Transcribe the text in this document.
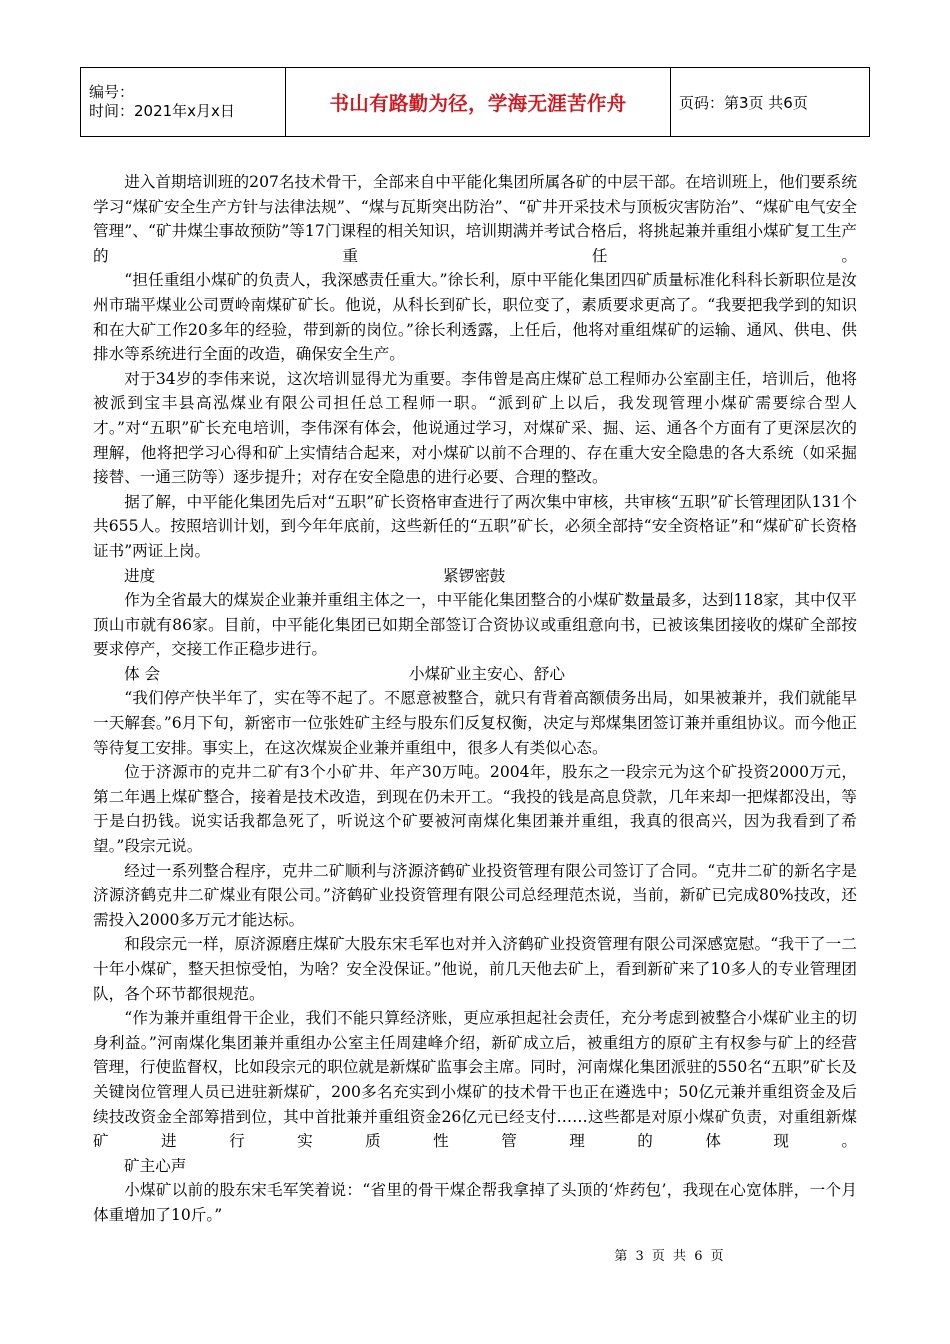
编号：
时间：2021年x月x日	书山有路勤为径，学海无涯苦作舟	页码：第3页 共6页

进入首期培训班的207名技术骨干，全部来自中平能化集团所属各矿的中层干部。在培训班上，他们要系统学习“煤矿安全生产方针与法律法规”、“煤与瓦斯突出防治”、“矿井开采技术与顶板灾害防治”、“煤矿电气安全管理”、“矿井煤尘事故预防”等17门课程的相关知识，培训期满并考试合格后，将挑起兼并重组小煤矿复工生产的重任。

“担任重组小煤矿的负责人，我深感责任重大。”徐长利，原中平能化集团四矿质量标准化科科长新职位是汝州市瑞平煤业公司贾岭南煤矿矿长。他说，从科长到矿长，职位变了，素质要求更高了。“我要把我学到的知识和在大矿工作20多年的经验，带到新的岗位。”徐长利透露，上任后，他将对重组煤矿的运输、通风、供电、供排水等系统进行全面的改造，确保安全生产。

对于34岁的李伟来说，这次培训显得尤为重要。李伟曾是高庄煤矿总工程师办公室副主任，培训后，他将被派到宝丰县高泓煤业有限公司担任总工程师一职。“派到矿上以后，我发现管理小煤矿需要综合型人才。”对“五职”矿长充电培训，李伟深有体会，他说通过学习，对煤矿采、掘、运、通各个方面有了更深层次的理解，他将把学习心得和矿上实情结合起来，对小煤矿以前不合理的、存在重大安全隐患的各大系统（如采掘接替、一通三防等）逐步提升；对存在安全隐患的进行必要、合理的整改。

据了解，中平能化集团先后对“五职”矿长资格审查进行了两次集中审核，共审核“五职”矿长管理团队131个共655人。按照培训计划，到今年年底前，这些新任的“五职”矿长，必须全部持“安全资格证”和“煤矿矿长资格证书”两证上岗。

进度	紧锣密鼓

作为全省最大的煤炭企业兼并重组主体之一，中平能化集团整合的小煤矿数量最多，达到118家，其中仅平顶山市就有86家。目前，中平能化集团已如期全部签订合资协议或重组意向书，已被该集团接收的煤矿全部按要求停产，交接工作正稳步进行。

体 会	小煤矿业主安心、舒心

“我们停产快半年了，实在等不起了。不愿意被整合，就只有背着高额债务出局，如果被兼并，我们就能早一天解套。”6月下旬，新密市一位张姓矿主经与股东们反复权衡，决定与郑煤集团签订兼并重组协议。而今他正等待复工安排。事实上，在这次煤炭企业兼并重组中，很多人有类似心态。

位于济源市的克井二矿有3个小矿井、年产30万吨。2004年，股东之一段宗元为这个矿投资2000万元，第二年遇上煤矿整合，接着是技术改造，到现在仍未开工。“我投的钱是高息贷款，几年来却一把煤都没出，等于是白扔钱。说实话我都急死了，听说这个矿要被河南煤化集团兼并重组，我真的很高兴，因为我看到了希望。”段宗元说。

经过一系列整合程序，克井二矿顺利与济源济鹤矿业投资管理有限公司签订了合同。“克井二矿的新名字是济源济鹤克井二矿煤业有限公司。”济鹤矿业投资管理有限公司总经理范杰说，当前，新矿已完成80%技改，还需投入2000多万元才能达标。

和段宗元一样，原济源磨庄煤矿大股东宋毛军也对并入济鹤矿业投资管理有限公司深感宽慰。“我干了一二十年小煤矿，整天担惊受怕，为啥？安全没保证。”他说，前几天他去矿上，看到新矿来了10多人的专业管理团队，各个环节都很规范。

“作为兼并重组骨干企业，我们不能只算经济账，更应承担起社会责任，充分考虑到被整合小煤矿业主的切身利益。”河南煤化集团兼并重组办公室主任周建峰介绍，新矿成立后，被重组方的原矿主有权参与矿上的经营管理，行使监督权，比如段宗元的职位就是新煤矿监事会主席。同时，河南煤化集团派驻的550名“五职”矿长及关键岗位管理人员已进驻新煤矿，200多名充实到小煤矿的技术骨干也正在遴选中；50亿元兼并重组资金及后续技改资金全部筹措到位，其中首批兼并重组资金26亿元已经支付……这些都是对原小煤矿负责，对重组新煤矿进行实质性管理的体现。

矿主心声

小煤矿以前的股东宋毛军笑着说：“省里的骨干煤企帮我拿掉了头顶的‘炸药包’，我现在心宽体胖，一个月体重增加了10斤。”

第 3 页 共 6 页
